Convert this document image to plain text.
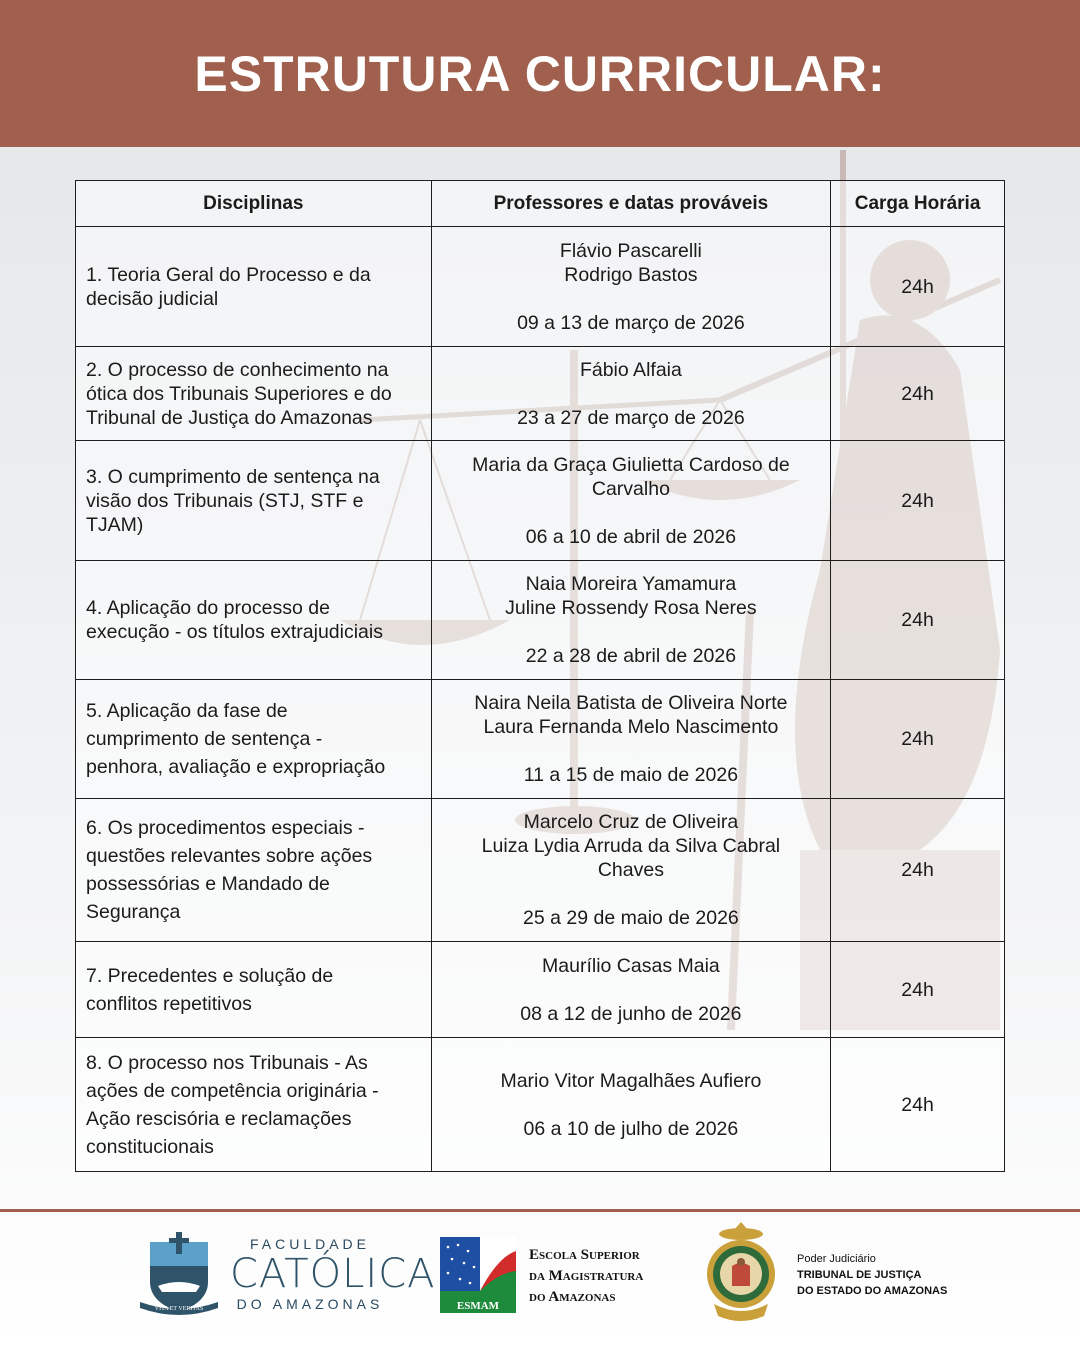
ESTRUTURA CURRICULAR:
Disciplinas	Professores e datas prováveis	Carga Horária

1. Teoria Geral do Processo e da
decisão judicial	Flávio Pascarelli
Rodrigo Bastos
09 a 13 de março de 2026	24h

2. O processo de conhecimento na
ótica dos Tribunais Superiores e do
Tribunal de Justiça do Amazonas	Fábio Alfaia
23 a 27 de março de 2026	24h

3. O cumprimento de sentença na
visão dos Tribunais (STJ, STF e
TJAM)	Maria da Graça Giulietta Cardoso de
Carvalho
06 a 10 de abril de 2026	24h

4. Aplicação do processo de
execução - os títulos extrajudiciais	Naia Moreira Yamamura
Juline Rossendy Rosa Neres
22 a 28 de abril de 2026	24h

5. Aplicação da fase de
cumprimento de sentença -
penhora, avaliação e expropriação	Naira Neila Batista de Oliveira Norte
Laura Fernanda Melo Nascimento
11 a 15 de maio de 2026	24h

6. Os procedimentos especiais -
questões relevantes sobre ações
possessórias e Mandado de
Segurança	Marcelo Cruz de Oliveira
Luiza Lydia Arruda da Silva Cabral
Chaves
25 a 29 de maio de 2026	24h

7. Precedentes e solução de
conflitos repetitivos	Maurílio Casas Maia
08 a 12 de junho de 2026	24h

8. O processo nos Tribunais - As
ações de competência originária -
Ação rescisória e reclamações
constitucionais	Mario Vitor Magalhães Aufiero
06 a 10 de julho de 2026	24h
VITA ET VERITAS
FACULDADE
CATÓLICA
DO AMAZONAS	ESMAM
Escola Superior
da Magistratura
do Amazonas
Poder Judiciário
TRIBUNAL DE JUSTIÇA
DO ESTADO DO AMAZONAS
